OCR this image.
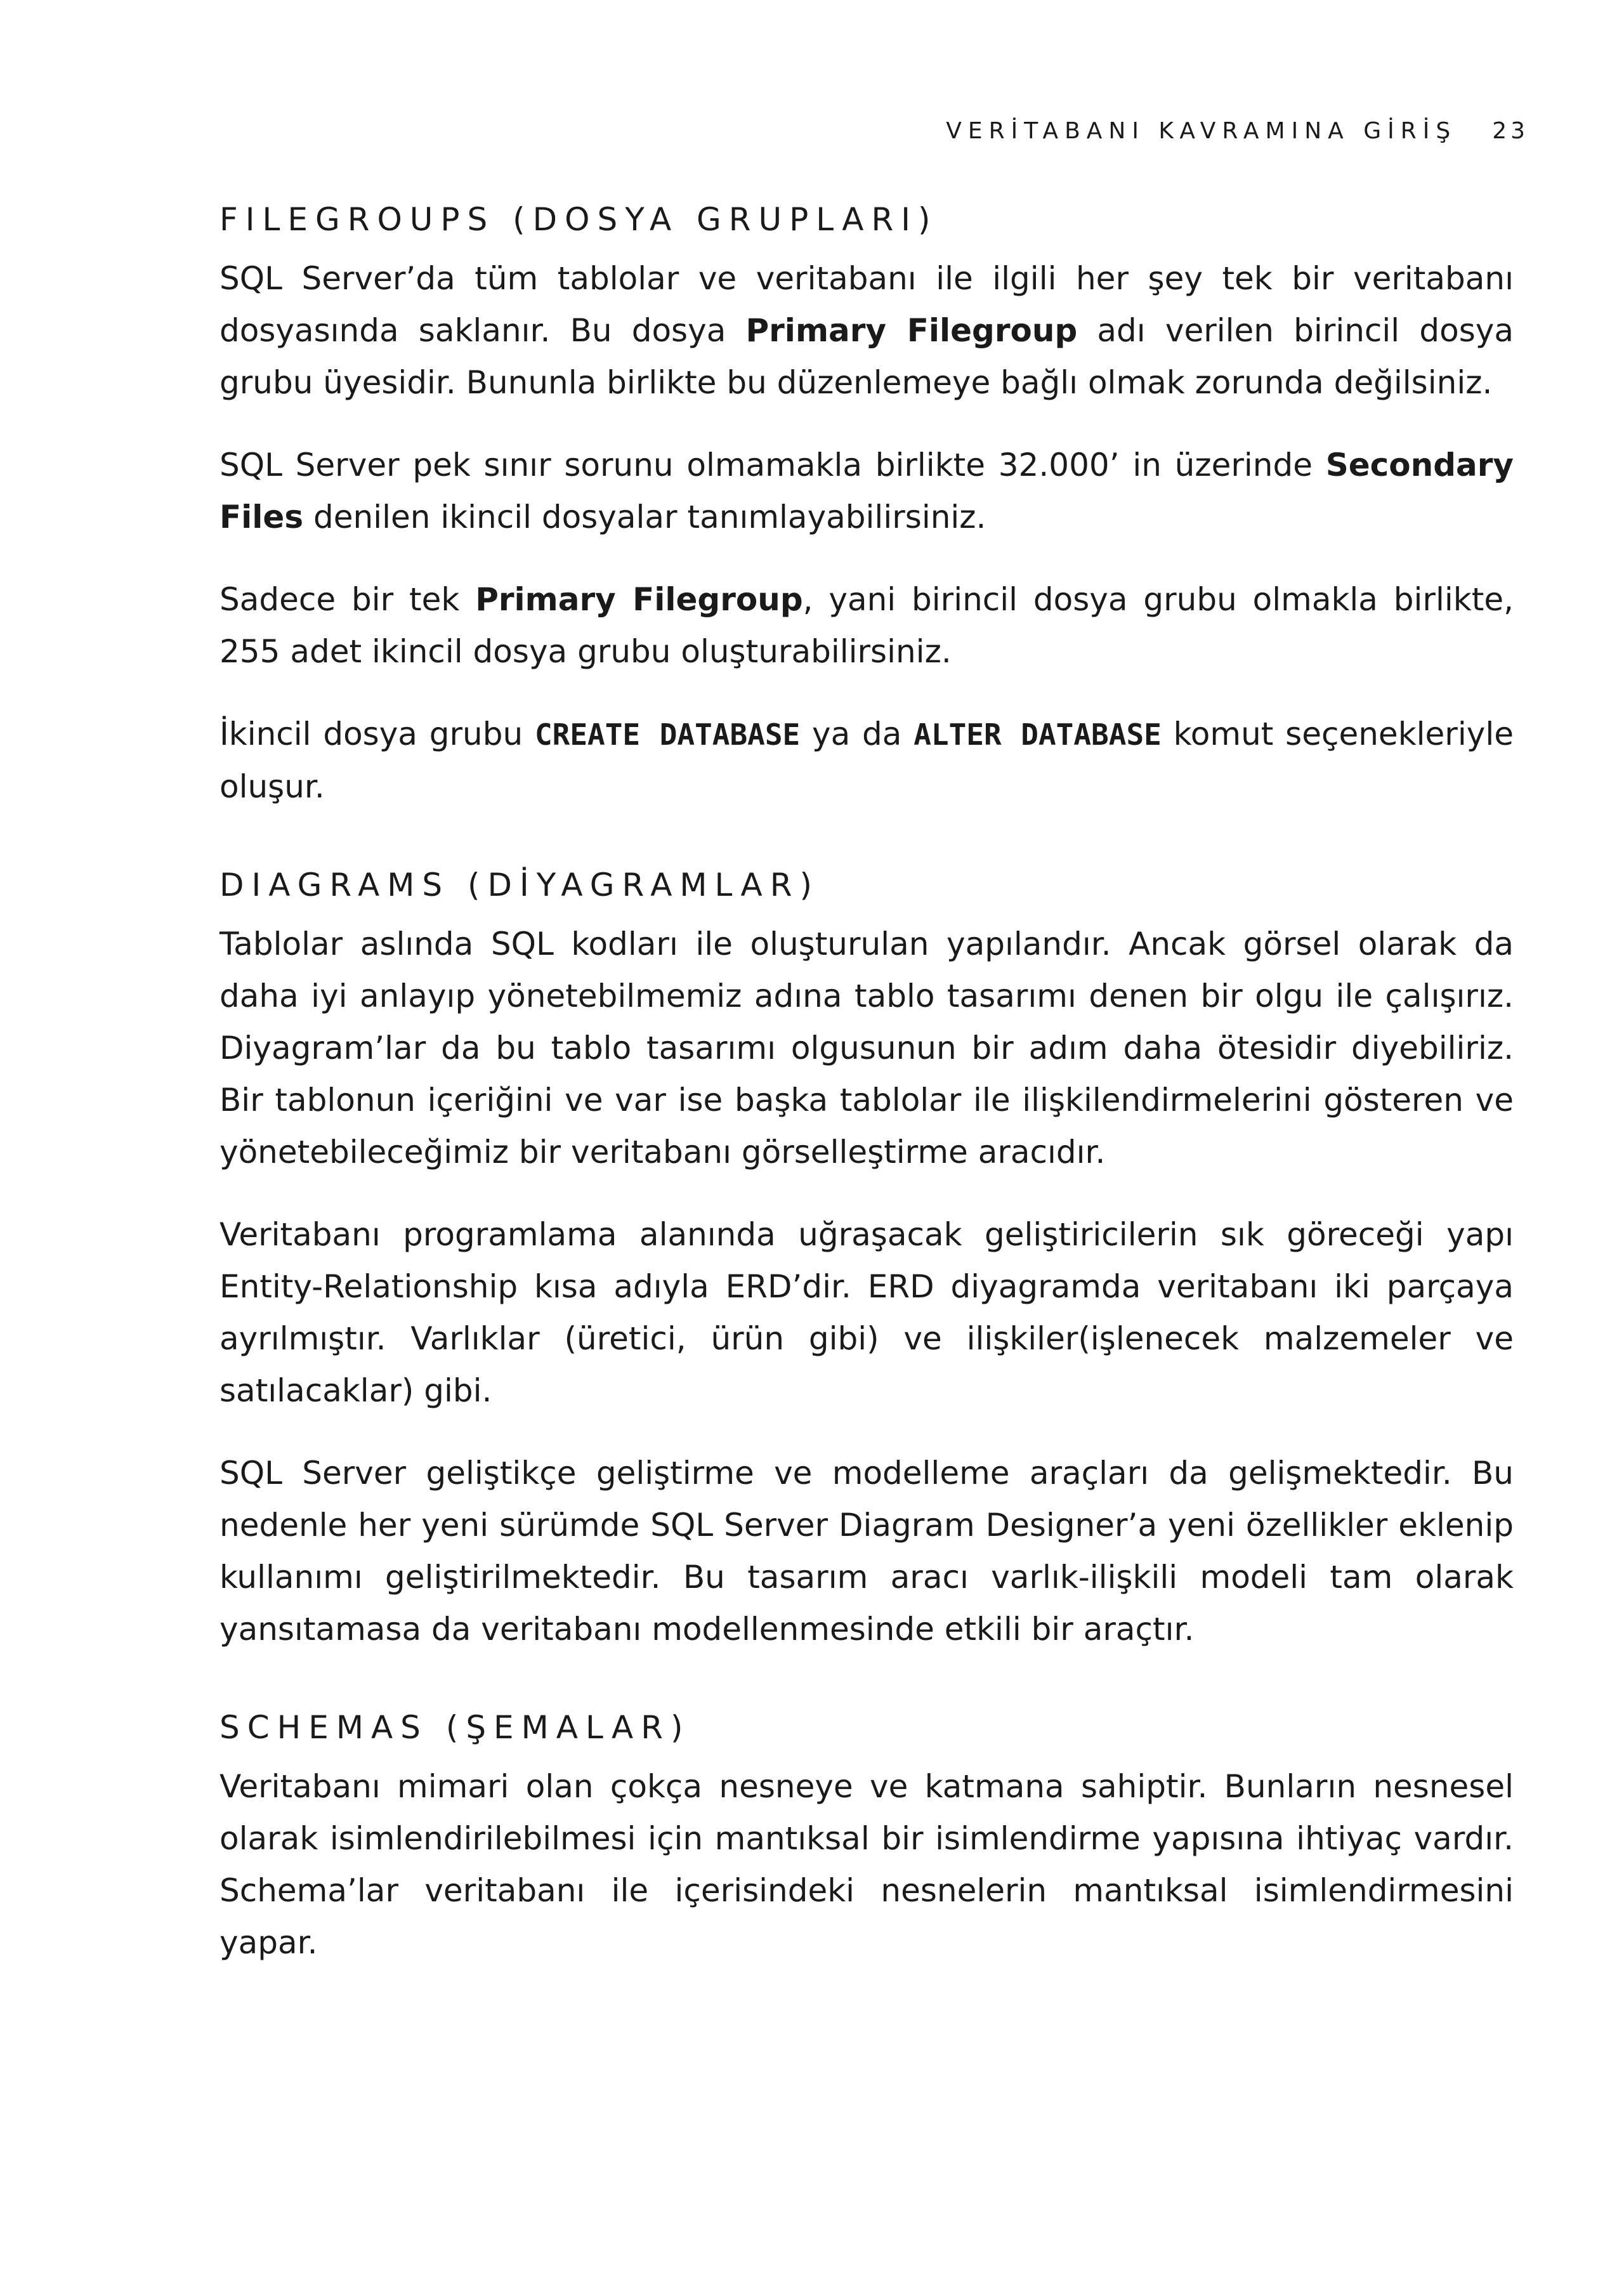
VERİTABANI KAVRAMINA GİRİŞ 23
FILEGROUPS (DOSYA GRUPLARI)

SQL Server’da tüm tablolar ve veritabanı ile ilgili her şey tek bir veritabanı dosyasında saklanır. Bu dosya Primary Filegroup adı verilen birincil dosya grubu üyesidir. Bununla birlikte bu düzenlemeye bağlı olmak zorunda değilsiniz.

SQL Server pek sınır sorunu olmamakla birlikte 32.000’ in üzerinde Secondary Files denilen ikincil dosyalar tanımlayabilirsiniz.

Sadece bir tek Primary Filegroup, yani birincil dosya grubu olmakla birlikte, 255 adet ikincil dosya grubu oluşturabilirsiniz.

İkincil dosya grubu CREATE DATABASE ya da ALTER DATABASE komut seçenekleriyle oluşur.

DIAGRAMS (DİYAGRAMLAR)

Tablolar aslında SQL kodları ile oluşturulan yapılandır. Ancak görsel olarak da daha iyi anlayıp yönetebilmemiz adına tablo tasarımı denen bir olgu ile çalışırız. Diyagram’lar da bu tablo tasarımı olgusunun bir adım daha ötesidir diyebiliriz. Bir tablonun içeriğini ve var ise başka tablolar ile ilişkilendirmelerini gösteren ve yönetebileceğimiz bir veritabanı görselleştirme aracıdır.

Veritabanı programlama alanında uğraşacak geliştiricilerin sık göreceği yapı Entity-Relationship kısa adıyla ERD’dir. ERD diyagramda veritabanı iki parçaya ayrılmıştır. Varlıklar (üretici, ürün gibi) ve ilişkiler(işlenecek malzemeler ve satılacaklar) gibi.

SQL Server geliştikçe geliştirme ve modelleme araçları da gelişmektedir. Bu nedenle her yeni sürümde SQL Server Diagram Designer’a yeni özellikler eklenip kullanımı geliştirilmektedir. Bu tasarım aracı varlık-ilişkili modeli tam olarak yansıtamasa da veritabanı modellenmesinde etkili bir araçtır.

SCHEMAS (ŞEMALAR)

Veritabanı mimari olan çokça nesneye ve katmana sahiptir. Bunların nesnesel olarak isimlendirilebilmesi için mantıksal bir isimlendirme yapısına ihtiyaç vardır. Schema’lar veritabanı ile içerisindeki nesnelerin mantıksal isimlendirmesini yapar.
